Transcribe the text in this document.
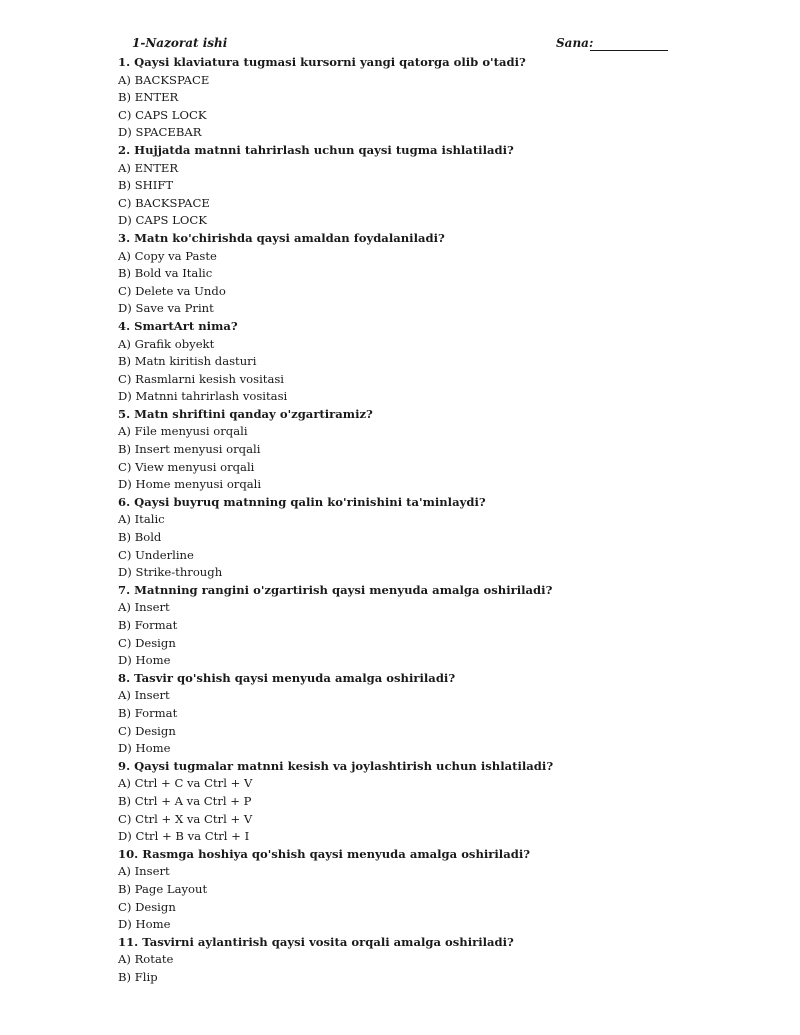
1-Nazorat ishi	Sana:
1. Qaysi klaviatura tugmasi kursorni yangi qatorga olib o'tadi?
A) BACKSPACE
B) ENTER
C) CAPS LOCK
D) SPACEBAR
2. Hujjatda matnni tahrirlash uchun qaysi tugma ishlatiladi?
A) ENTER
B) SHIFT
C) BACKSPACE
D) CAPS LOCK
3. Matn ko'chirishda qaysi amaldan foydalaniladi?
A) Copy va Paste
B) Bold va Italic
C) Delete va Undo
D) Save va Print
4. SmartArt nima?
A) Grafik obyekt
B) Matn kiritish dasturi
C) Rasmlarni kesish vositasi
D) Matnni tahrirlash vositasi
5. Matn shriftini qanday o'zgartiramiz?
A) File menyusi orqali
B) Insert menyusi orqali
C) View menyusi orqali
D) Home menyusi orqali
6. Qaysi buyruq matnning qalin ko'rinishini ta'minlaydi?
A) Italic
B) Bold
C) Underline
D) Strike-through
7. Matnning rangini o'zgartirish qaysi menyuda amalga oshiriladi?
A) Insert
B) Format
C) Design
D) Home
8. Tasvir qo'shish qaysi menyuda amalga oshiriladi?
A) Insert
B) Format
C) Design
D) Home
9. Qaysi tugmalar matnni kesish va joylashtirish uchun ishlatiladi?
A) Ctrl + C va Ctrl + V
B) Ctrl + A va Ctrl + P
C) Ctrl + X va Ctrl + V
D) Ctrl + B va Ctrl + I
10. Rasmga hoshiya qo'shish qaysi menyuda amalga oshiriladi?
A) Insert
B) Page Layout
C) Design
D) Home
11. Tasvirni aylantirish qaysi vosita orqali amalga oshiriladi?
A) Rotate
B) Flip
